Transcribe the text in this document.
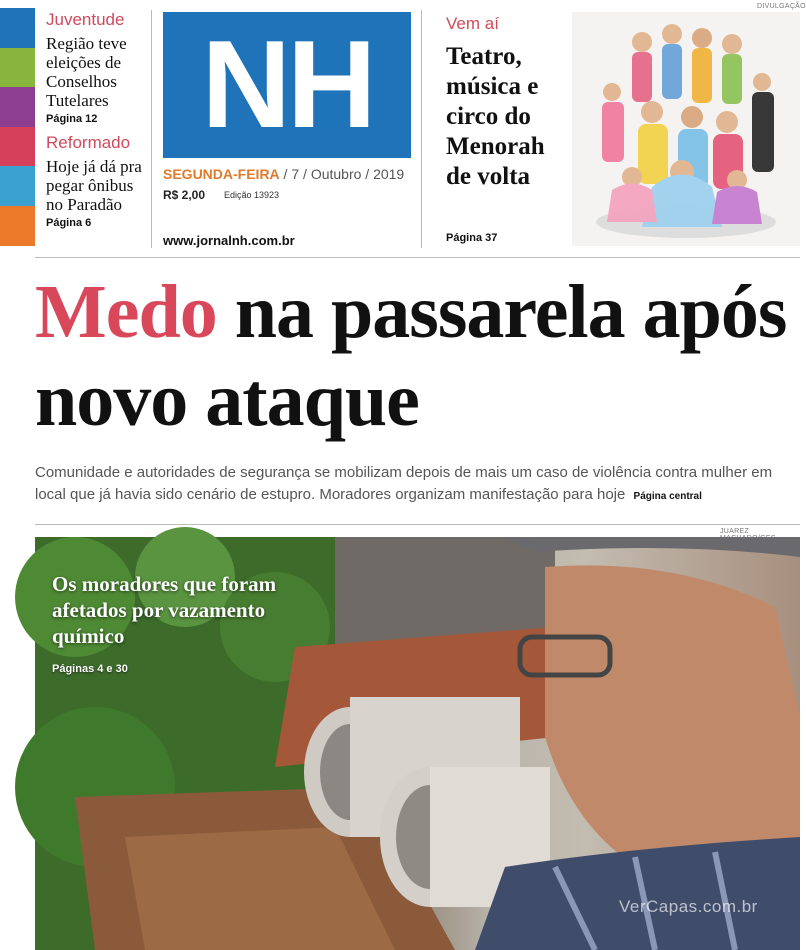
Juventude
Região teve eleições de Conselhos Tutelares
Página 12
Reformado
Hoje já dá pra pegar ônibus no Paradão
Página 6
NH
SEGUNDA-FEIRA / 7 / Outubro / 2019
R$ 2,00 Edição 13923
www.jornalnh.com.br
Vem aí
Teatro, música e circo do Menorah de volta
Página 37
DIVULGAÇÃO
Medo na passarela após novo ataque
Comunidade e autoridades de segurança se mobilizam depois de mais um caso de violência contra mulher em local que já havia sido cenário de estupro. Moradores organizam manifestação para hoje Página central
JUAREZ
Os moradores que foram afetados por vazamento químico
Páginas 4 e 30
VerCapas.com.br
